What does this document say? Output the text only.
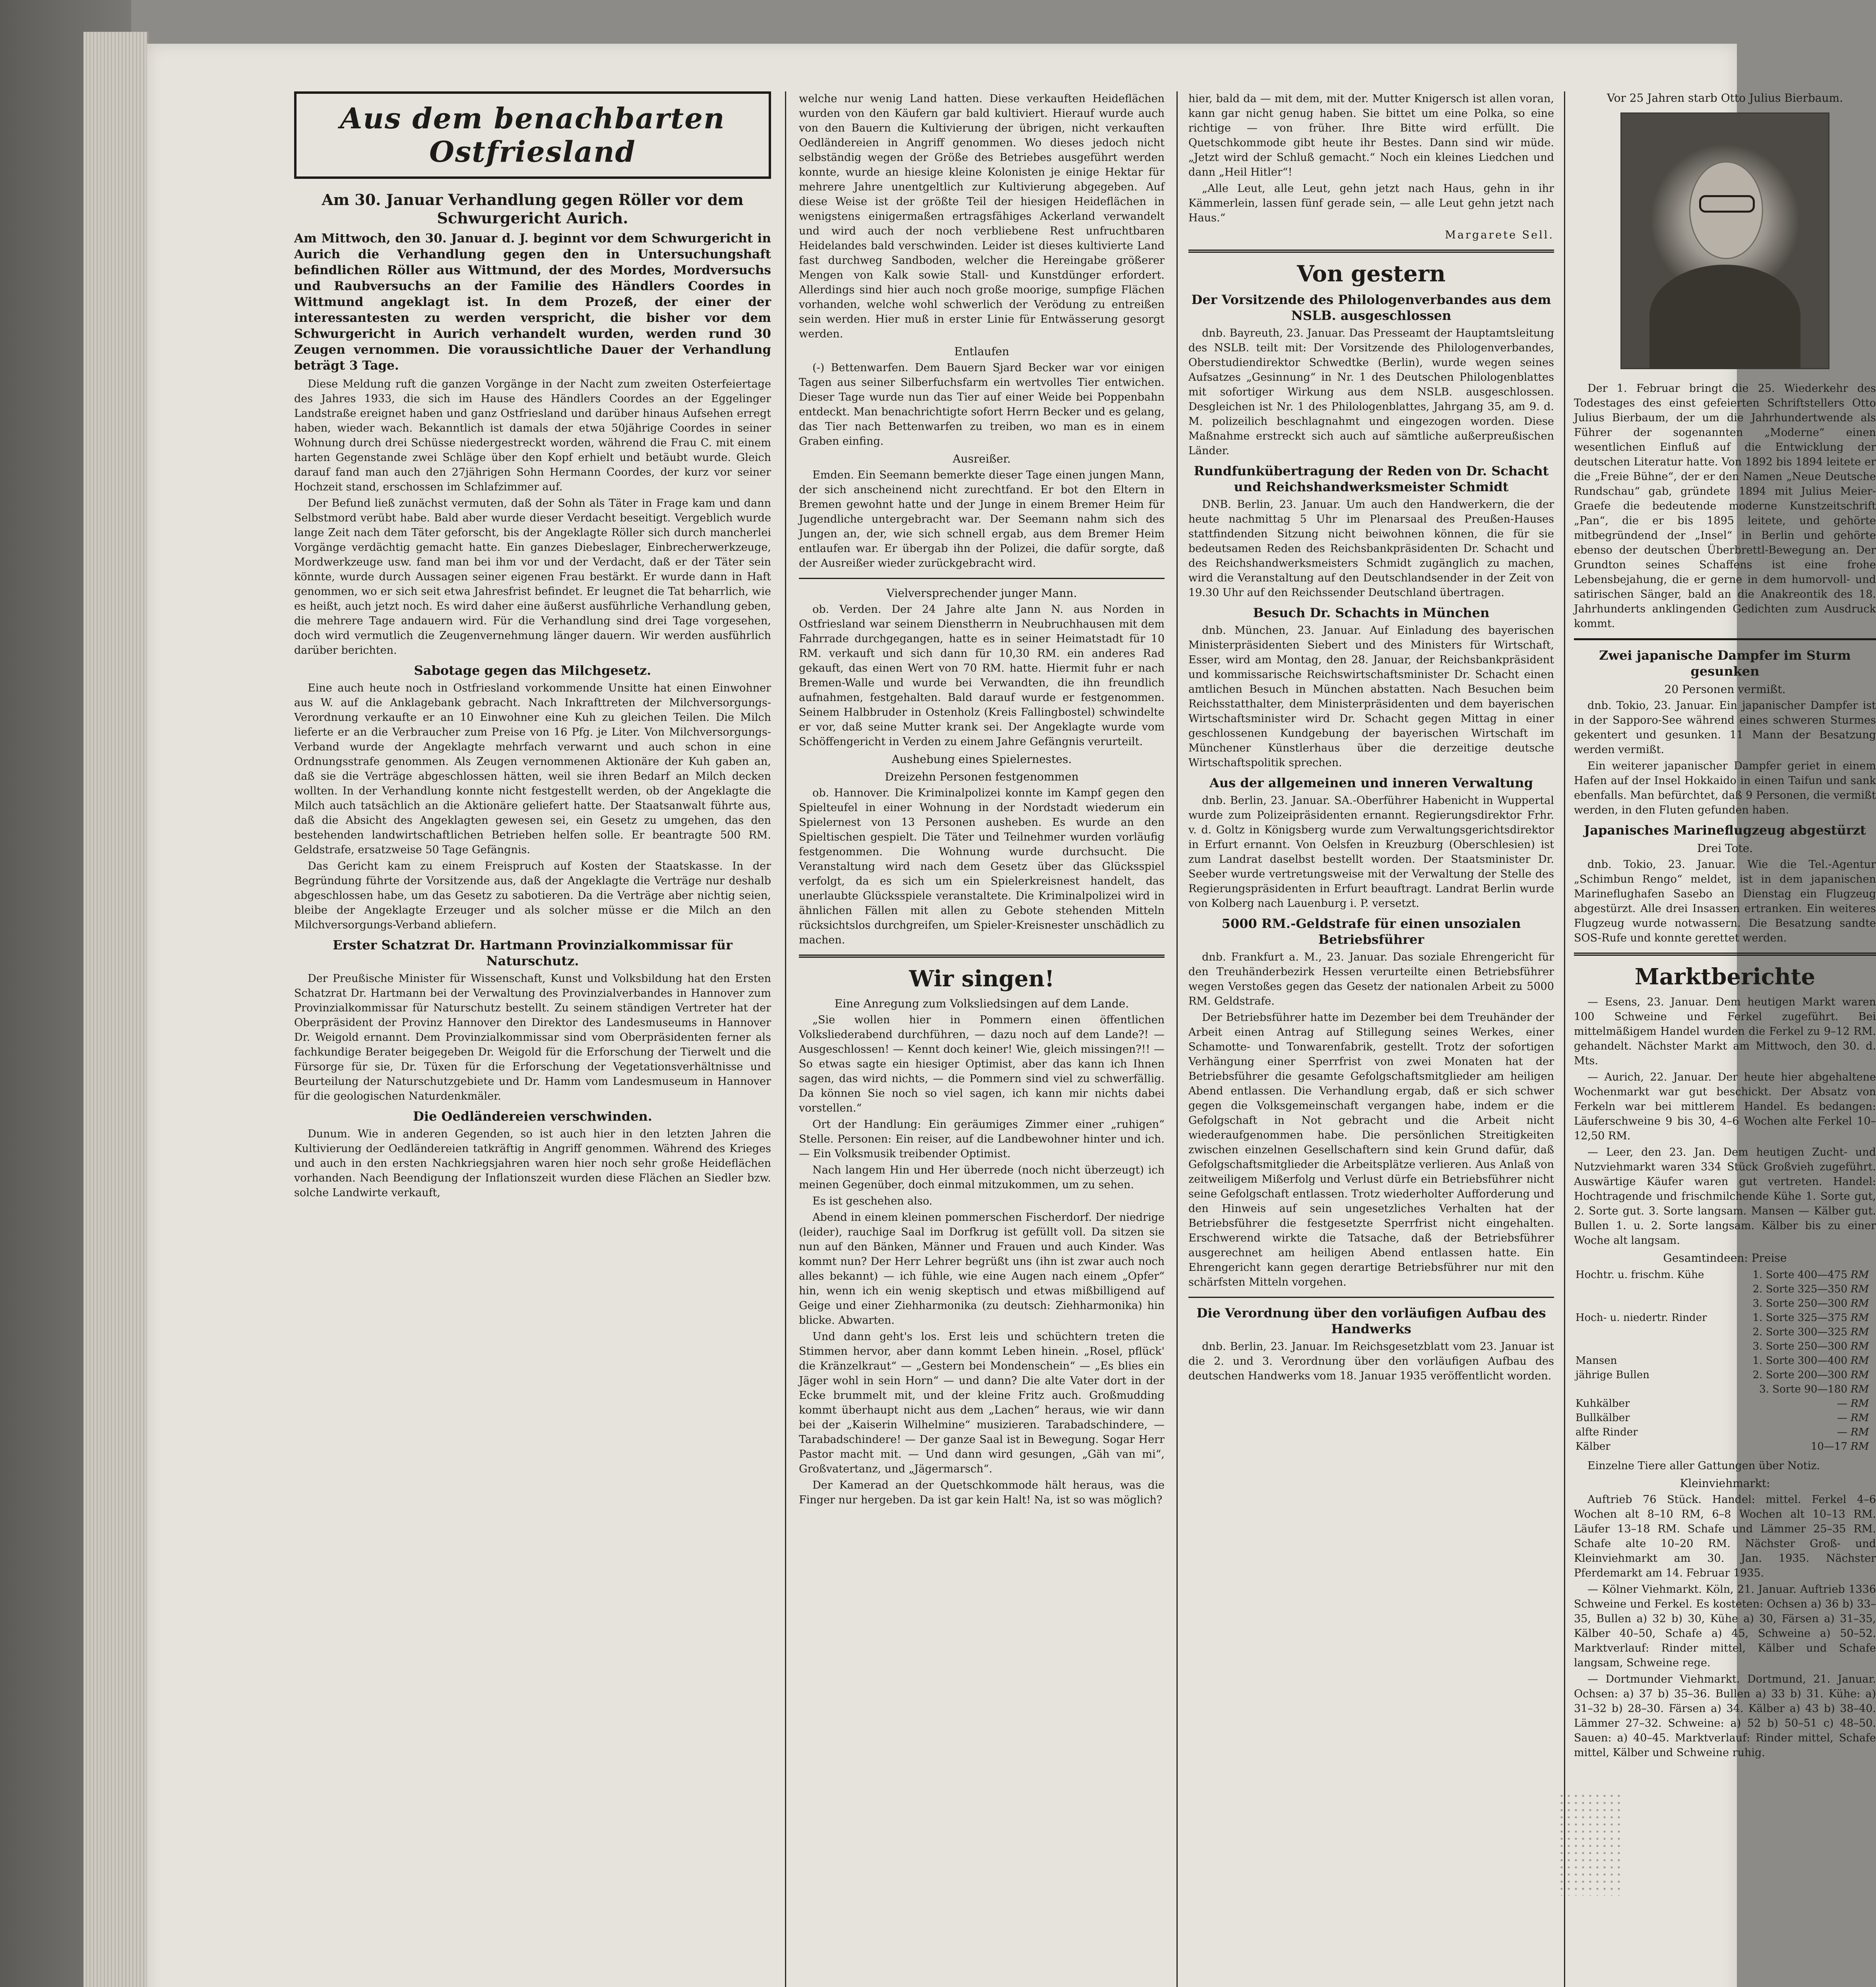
Aus dem benachbarten
Ostfriesland
Am 30. Januar Verhandlung gegen Röller vor dem Schwurgericht Aurich.

Am Mittwoch, den 30. Januar d. J. beginnt vor dem Schwurgericht in Aurich die Verhandlung gegen den in Untersuchungshaft befindlichen Röller aus Wittmund, der des Mordes, Mordversuchs und Raubversuchs an der Familie des Händlers Coordes in Wittmund angeklagt ist. In dem Prozeß, der einer der interessantesten zu werden verspricht, die bisher vor dem Schwurgericht in Aurich verhandelt wurden, werden rund 30 Zeugen vernommen. Die voraussichtliche Dauer der Verhandlung beträgt 3 Tage.

Diese Meldung ruft die ganzen Vorgänge in der Nacht zum zweiten Osterfeiertage des Jahres 1933, die sich im Hause des Händlers Coordes an der Eggelinger Landstraße ereignet haben und ganz Ostfriesland und darüber hinaus Aufsehen erregt haben, wieder wach. Bekanntlich ist damals der etwa 50jährige Coordes in seiner Wohnung durch drei Schüsse niedergestreckt worden, während die Frau C. mit einem harten Gegenstande zwei Schläge über den Kopf erhielt und betäubt wurde. Gleich darauf fand man auch den 27jährigen Sohn Hermann Coordes, der kurz vor seiner Hochzeit stand, erschossen im Schlafzimmer auf.

Der Befund ließ zunächst vermuten, daß der Sohn als Täter in Frage kam und dann Selbstmord verübt habe. Bald aber wurde dieser Verdacht beseitigt. Vergeblich wurde lange Zeit nach dem Täter geforscht, bis der Angeklagte Röller sich durch mancherlei Vorgänge verdächtig gemacht hatte. Ein ganzes Diebeslager, Einbrecherwerkzeuge, Mordwerkzeuge usw. fand man bei ihm vor und der Verdacht, daß er der Täter sein könnte, wurde durch Aussagen seiner eigenen Frau bestärkt. Er wurde dann in Haft genommen, wo er sich seit etwa Jahresfrist befindet. Er leugnet die Tat beharrlich, wie es heißt, auch jetzt noch. Es wird daher eine äußerst ausführliche Verhandlung geben, die mehrere Tage andauern wird. Für die Verhandlung sind drei Tage vorgesehen, doch wird vermutlich die Zeugenvernehmung länger dauern. Wir werden ausführlich darüber berichten.

Sabotage gegen das Milchgesetz.

Eine auch heute noch in Ostfriesland vorkommende Unsitte hat einen Einwohner aus W. auf die Anklagebank gebracht. Nach Inkrafttreten der Milchversorgungs-Verordnung verkaufte er an 10 Einwohner eine Kuh zu gleichen Teilen. Die Milch lieferte er an die Verbraucher zum Preise von 16 Pfg. je Liter. Von Milchversorgungs-Verband wurde der Angeklagte mehrfach verwarnt und auch schon in eine Ordnungsstrafe genommen. Als Zeugen vernommenen Aktionäre der Kuh gaben an, daß sie die Verträge abgeschlossen hätten, weil sie ihren Bedarf an Milch decken wollten. In der Verhandlung konnte nicht festgestellt werden, ob der Angeklagte die Milch auch tatsächlich an die Aktionäre geliefert hatte. Der Staatsanwalt führte aus, daß die Absicht des Angeklagten gewesen sei, ein Gesetz zu umgehen, das den bestehenden landwirtschaftlichen Betrieben helfen solle. Er beantragte 500 RM. Geldstrafe, ersatzweise 50 Tage Gefängnis.

Das Gericht kam zu einem Freispruch auf Kosten der Staatskasse. In der Begründung führte der Vorsitzende aus, daß der Angeklagte die Verträge nur deshalb abgeschlossen habe, um das Gesetz zu sabotieren. Da die Verträge aber nichtig seien, bleibe der Angeklagte Erzeuger und als solcher müsse er die Milch an den Milchversorgungs-Verband abliefern.

Erster Schatzrat Dr. Hartmann Provinzialkommissar für Naturschutz.

Der Preußische Minister für Wissenschaft, Kunst und Volksbildung hat den Ersten Schatzrat Dr. Hartmann bei der Verwaltung des Provinzialverbandes in Hannover zum Provinzialkommissar für Naturschutz bestellt. Zu seinem ständigen Vertreter hat der Oberpräsident der Provinz Hannover den Direktor des Landesmuseums in Hannover Dr. Weigold ernannt. Dem Provinzialkommissar sind vom Oberpräsidenten ferner als fachkundige Berater beigegeben Dr. Weigold für die Erforschung der Tierwelt und die Fürsorge für sie, Dr. Tüxen für die Erforschung der Vegetationsverhältnisse und Beurteilung der Naturschutzgebiete und Dr. Hamm vom Landesmuseum in Hannover für die geologischen Naturdenkmäler.

Die Oedländereien verschwinden.

Dunum. Wie in anderen Gegenden, so ist auch hier in den letzten Jahren die Kultivierung der Oedländereien tatkräftig in Angriff genommen. Während des Krieges und auch in den ersten Nachkriegsjahren waren hier noch sehr große Heideflächen vorhanden. Nach Beendigung der Inflationszeit wurden diese Flächen an Siedler bzw. solche Landwirte verkauft,

welche nur wenig Land hatten. Diese verkauften Heideflächen wurden von den Käufern gar bald kultiviert. Hierauf wurde auch von den Bauern die Kultivierung der übrigen, nicht verkauften Oedländereien in Angriff genommen. Wo dieses jedoch nicht selbständig wegen der Größe des Betriebes ausgeführt werden konnte, wurde an hiesige kleine Kolonisten je einige Hektar für mehrere Jahre unentgeltlich zur Kultivierung abgegeben. Auf diese Weise ist der größte Teil der hiesigen Heideflächen in wenigstens einigermaßen ertragsfähiges Ackerland verwandelt und wird auch der noch verbliebene Rest unfruchtbaren Heidelandes bald verschwinden. Leider ist dieses kultivierte Land fast durchweg Sandboden, welcher die Hereingabe größerer Mengen von Kalk sowie Stall- und Kunstdünger erfordert. Allerdings sind hier auch noch große moorige, sumpfige Flächen vorhanden, welche wohl schwerlich der Verödung zu entreißen sein werden. Hier muß in erster Linie für Entwässerung gesorgt werden.

Entlaufen

(-) Bettenwarfen. Dem Bauern Sjard Becker war vor einigen Tagen aus seiner Silberfuchsfarm ein wertvolles Tier entwichen. Dieser Tage wurde nun das Tier auf einer Weide bei Poppenbahn entdeckt. Man benachrichtigte sofort Herrn Becker und es gelang, das Tier nach Bettenwarfen zu treiben, wo man es in einem Graben einfing.

Ausreißer.

Emden. Ein Seemann bemerkte dieser Tage einen jungen Mann, der sich anscheinend nicht zurechtfand. Er bot den Eltern in Bremen gewohnt hatte und der Junge in einem Bremer Heim für Jugendliche untergebracht war. Der Seemann nahm sich des Jungen an, der, wie sich schnell ergab, aus dem Bremer Heim entlaufen war. Er übergab ihn der Polizei, die dafür sorgte, daß der Ausreißer wieder zurückgebracht wird.

Vielversprechender junger Mann.

ob. Verden. Der 24 Jahre alte Jann N. aus Norden in Ostfriesland war seinem Dienstherrn in Neubruchhausen mit dem Fahrrade durchgegangen, hatte es in seiner Heimatstadt für 10 RM. verkauft und sich dann für 10,30 RM. ein anderes Rad gekauft, das einen Wert von 70 RM. hatte. Hiermit fuhr er nach Bremen-Walle und wurde bei Verwandten, die ihn freundlich aufnahmen, festgehalten. Bald darauf wurde er festgenommen. Seinem Halbbruder in Ostenholz (Kreis Fallingbostel) schwindelte er vor, daß seine Mutter krank sei. Der Angeklagte wurde vom Schöffengericht in Verden zu einem Jahre Gefängnis verurteilt.

Aushebung eines Spielernestes.
Dreizehn Personen festgenommen

ob. Hannover. Die Kriminalpolizei konnte im Kampf gegen den Spielteufel in einer Wohnung in der Nordstadt wiederum ein Spielernest von 13 Personen ausheben. Es wurde an den Spieltischen gespielt. Die Täter und Teilnehmer wurden vorläufig festgenommen. Die Wohnung wurde durchsucht. Die Veranstaltung wird nach dem Gesetz über das Glücksspiel verfolgt, da es sich um ein Spielerkreisnest handelt, das unerlaubte Glücksspiele veranstaltete. Die Kriminalpolizei wird in ähnlichen Fällen mit allen zu Gebote stehenden Mitteln rücksichtslos durchgreifen, um Spieler-Kreisnester unschädlich zu machen.

Wir singen!
Eine Anregung zum Volksliedsingen auf dem Lande.

„Sie wollen hier in Pommern einen öffentlichen Volksliederabend durchführen, — dazu noch auf dem Lande?! — Ausgeschlossen! — Kennt doch keiner! Wie, gleich missingen?!! — So etwas sagte ein hiesiger Optimist, aber das kann ich Ihnen sagen, das wird nichts, — die Pommern sind viel zu schwerfällig. Da können Sie noch so viel sagen, ich kann mir nichts dabei vorstellen.“

Ort der Handlung: Ein geräumiges Zimmer einer „ruhigen“ Stelle. Personen: Ein reiser, auf die Landbewohner hinter und ich. — Ein Volksmusik treibender Optimist.

Nach langem Hin und Her überrede (noch nicht überzeugt) ich meinen Gegenüber, doch einmal mitzukommen, um zu sehen.

Es ist geschehen also.

Abend in einem kleinen pommerschen Fischerdorf. Der niedrige (leider), rauchige Saal im Dorfkrug ist gefüllt voll. Da sitzen sie nun auf den Bänken, Männer und Frauen und auch Kinder. Was kommt nun? Der Herr Lehrer begrüßt uns (ihn ist zwar auch noch alles bekannt) — ich fühle, wie eine Augen nach einem „Opfer“ hin, wenn ich ein wenig skeptisch und etwas mißbilligend auf Geige und einer Ziehharmonika (zu deutsch: Ziehharmonika) hin blicke. Abwarten.

Und dann geht's los. Erst leis und schüchtern treten die Stimmen hervor, aber dann kommt Leben hinein. „Rosel, pflück' die Kränzelkraut“ — „Gestern bei Mondenschein“ — „Es blies ein Jäger wohl in sein Horn“ — und dann? Die alte Vater dort in der Ecke brummelt mit, und der kleine Fritz auch. Großmudding kommt überhaupt nicht aus dem „Lachen“ heraus, wie wir dann bei der „Kaiserin Wilhelmine“ musizieren. Tarabadschindere, — Tarabadschindere! — Der ganze Saal ist in Bewegung. Sogar Herr Pastor macht mit. — Und dann wird gesungen, „Gäh van mi“, Großvatertanz, und „Jägermarsch“.

Der Kamerad an der Quetschkommode hält heraus, was die Finger nur hergeben. Da ist gar kein Halt! Na, ist so was möglich?

hier, bald da — mit dem, mit der. Mutter Knigersch ist allen voran, kann gar nicht genug haben. Sie bittet um eine Polka, so eine richtige — von früher. Ihre Bitte wird erfüllt. Die Quetschkommode gibt heute ihr Bestes. Dann sind wir müde. „Jetzt wird der Schluß gemacht.“ Noch ein kleines Liedchen und dann „Heil Hitler“!

„Alle Leut, alle Leut, gehn jetzt nach Haus, gehn in ihr Kämmerlein, lassen fünf gerade sein, — alle Leut gehn jetzt nach Haus.“

Margarete Sell.
Von gestern
Der Vorsitzende des Philologenverbandes aus dem NSLB. ausgeschlossen

dnb. Bayreuth, 23. Januar. Das Presseamt der Hauptamtsleitung des NSLB. teilt mit: Der Vorsitzende des Philologenverbandes, Oberstudiendirektor Schwedtke (Berlin), wurde wegen seines Aufsatzes „Gesinnung“ in Nr. 1 des Deutschen Philologenblattes mit sofortiger Wirkung aus dem NSLB. ausgeschlossen. Desgleichen ist Nr. 1 des Philologenblattes, Jahrgang 35, am 9. d. M. polizeilich beschlagnahmt und eingezogen worden. Diese Maßnahme erstreckt sich auch auf sämtliche außerpreußischen Länder.

Rundfunkübertragung der Reden von Dr. Schacht und Reichshandwerksmeister Schmidt

DNB. Berlin, 23. Januar. Um auch den Handwerkern, die der heute nachmittag 5 Uhr im Plenarsaal des Preußen-Hauses stattfindenden Sitzung nicht beiwohnen können, die für sie bedeutsamen Reden des Reichsbankpräsidenten Dr. Schacht und des Reichshandwerksmeisters Schmidt zugänglich zu machen, wird die Veranstaltung auf den Deutschlandsender in der Zeit von 19.30 Uhr auf den Reichssender Deutschland übertragen.

Besuch Dr. Schachts in München

dnb. München, 23. Januar. Auf Einladung des bayerischen Ministerpräsidenten Siebert und des Ministers für Wirtschaft, Esser, wird am Montag, den 28. Januar, der Reichsbankpräsident und kommissarische Reichswirtschaftsminister Dr. Schacht einen amtlichen Besuch in München abstatten. Nach Besuchen beim Reichsstatthalter, dem Ministerpräsidenten und dem bayerischen Wirtschaftsminister wird Dr. Schacht gegen Mittag in einer geschlossenen Kundgebung der bayerischen Wirtschaft im Münchener Künstlerhaus über die derzeitige deutsche Wirtschaftspolitik sprechen.

Aus der allgemeinen und inneren Verwaltung

dnb. Berlin, 23. Januar. SA.-Oberführer Habenicht in Wuppertal wurde zum Polizeipräsidenten ernannt. Regierungsdirektor Frhr. v. d. Goltz in Königsberg wurde zum Verwaltungsgerichtsdirektor in Erfurt ernannt. Von Oelsfen in Kreuzburg (Oberschlesien) ist zum Landrat daselbst bestellt worden. Der Staatsminister Dr. Seeber wurde vertretungsweise mit der Verwaltung der Stelle des Regierungspräsidenten in Erfurt beauftragt. Landrat Berlin wurde von Kolberg nach Lauenburg i. P. versetzt.

5000 RM.-Geldstrafe für einen unsozialen Betriebsführer

dnb. Frankfurt a. M., 23. Januar. Das soziale Ehrengericht für den Treuhänderbezirk Hessen verurteilte einen Betriebsführer wegen Verstoßes gegen das Gesetz der nationalen Arbeit zu 5000 RM. Geldstrafe.

Der Betriebsführer hatte im Dezember bei dem Treuhänder der Arbeit einen Antrag auf Stillegung seines Werkes, einer Schamotte- und Tonwarenfabrik, gestellt. Trotz der sofortigen Verhängung einer Sperrfrist von zwei Monaten hat der Betriebsführer die gesamte Gefolgschaftsmitglieder am heiligen Abend entlassen. Die Verhandlung ergab, daß er sich schwer gegen die Volksgemeinschaft vergangen habe, indem er die Gefolgschaft in Not gebracht und die Arbeit nicht wiederaufgenommen habe. Die persönlichen Streitigkeiten zwischen einzelnen Gesellschaftern sind kein Grund dafür, daß Gefolgschaftsmitglieder die Arbeitsplätze verlieren. Aus Anlaß von zeitweiligem Mißerfolg und Verlust dürfe ein Betriebsführer nicht seine Gefolgschaft entlassen. Trotz wiederholter Aufforderung und den Hinweis auf sein ungesetzliches Verhalten hat der Betriebsführer die festgesetzte Sperrfrist nicht eingehalten. Erschwerend wirkte die Tatsache, daß der Betriebsführer ausgerechnet am heiligen Abend entlassen hatte. Ein Ehrengericht kann gegen derartige Betriebsführer nur mit den schärfsten Mitteln vorgehen.

Die Verordnung über den vorläufigen Aufbau des Handwerks

dnb. Berlin, 23. Januar. Im Reichsgesetzblatt vom 23. Januar ist die 2. und 3. Verordnung über den vorläufigen Aufbau des deutschen Handwerks vom 18. Januar 1935 veröffentlicht worden.

Vor 25 Jahren starb Otto Julius Bierbaum.

Der 1. Februar bringt die 25. Wiederkehr des Todestages des einst gefeierten Schriftstellers Otto Julius Bierbaum, der um die Jahrhundertwende als Führer der sogenannten „Moderne“ einen wesentlichen Einfluß auf die Entwicklung der deutschen Literatur hatte. Von 1892 bis 1894 leitete er die „Freie Bühne“, der er den Namen „Neue Deutsche Rundschau“ gab, gründete 1894 mit Julius Meier-Graefe die bedeutende moderne Kunstzeitschrift „Pan“, die er bis 1895 leitete, und gehörte mitbegründend der „Insel“ in Berlin und gehörte ebenso der deutschen Überbrettl-Bewegung an. Der Grundton seines Schaffens ist eine frohe Lebensbejahung, die er gerne in dem humorvoll- und satirischen Sänger, bald an die Anakreontik des 18. Jahrhunderts anklingenden Gedichten zum Ausdruck kommt.

Zwei japanische Dampfer im Sturm gesunken
20 Personen vermißt.

dnb. Tokio, 23. Januar. Ein japanischer Dampfer ist in der Sapporo-See während eines schweren Sturmes gekentert und gesunken. 11 Mann der Besatzung werden vermißt.

Ein weiterer japanischer Dampfer geriet in einem Hafen auf der Insel Hokkaido in einen Taifun und sank ebenfalls. Man befürchtet, daß 9 Personen, die vermißt werden, in den Fluten gefunden haben.

Japanisches Marineflugzeug abgestürzt
Drei Tote.

dnb. Tokio, 23. Januar. Wie die Tel.-Agentur „Schimbun Rengo“ meldet, ist in dem japanischen Marineflughafen Sasebo an Dienstag ein Flugzeug abgestürzt. Alle drei Insassen ertranken. Ein weiteres Flugzeug wurde notwassern. Die Besatzung sandte SOS-Rufe und konnte gerettet werden.

Marktberichte

— Esens, 23. Januar. Dem heutigen Markt waren 100 Schweine und Ferkel zugeführt. Bei mittelmäßigem Handel wurden die Ferkel zu 9–12 RM. gehandelt. Nächster Markt am Mittwoch, den 30. d. Mts.

— Aurich, 22. Januar. Der heute hier abgehaltene Wochenmarkt war gut beschickt. Der Absatz von Ferkeln war bei mittlerem Handel. Es bedangen: Läuferschweine 9 bis 30, 4–6 Wochen alte Ferkel 10–12,50 RM.

— Leer, den 23. Jan. Dem heutigen Zucht- und Nutzviehmarkt waren 334 Stück Großvieh zugeführt. Auswärtige Käufer waren gut vertreten. Handel: Hochtragende und frischmilchende Kühe 1. Sorte gut, 2. Sorte gut. 3. Sorte langsam. Mansen — Kälber gut. Bullen 1. u. 2. Sorte langsam. Kälber bis zu einer Woche alt langsam.

Gesamtindeen: Preise
Hochtr. u. frischm. Kühe	1. Sorte 400—475	RM
	2. Sorte 325—350	RM
	3. Sorte 250—300	RM
Hoch- u. niedertr. Rinder	1. Sorte 325—375	RM
	2. Sorte 300—325	RM
	3. Sorte 250—300	RM
Mansen	1. Sorte 300—400	RM
jährige Bullen	2. Sorte 200—300	RM
	3. Sorte 90—180	RM
Kuhkälber	—	RM
Bullkälber	—	RM
alfte Rinder	—	RM
Kälber	10—17	RM

Einzelne Tiere aller Gattungen über Notiz.

Kleinviehmarkt:

Auftrieb 76 Stück. Handel: mittel. Ferkel 4–6 Wochen alt 8–10 RM, 6–8 Wochen alt 10–13 RM. Läufer 13–18 RM. Schafe und Lämmer 25–35 RM. Schafe alte 10–20 RM. Nächster Groß- und Kleinviehmarkt am 30. Jan. 1935. Nächster Pferdemarkt am 14. Februar 1935.

— Kölner Viehmarkt. Köln, 21. Januar. Auftrieb 1336 Schweine und Ferkel. Es kosteten: Ochsen a) 36 b) 33–35, Bullen a) 32 b) 30, Kühe a) 30, Färsen a) 31–35, Kälber 40–50, Schafe a) 45, Schweine a) 50–52. Marktverlauf: Rinder mittel, Kälber und Schafe langsam, Schweine rege.

— Dortmunder Viehmarkt. Dortmund, 21. Januar. Ochsen: a) 37 b) 35–36. Bullen a) 33 b) 31. Kühe: a) 31–32 b) 28–30. Färsen a) 34. Kälber a) 43 b) 38–40. Lämmer 27–32. Schweine: a) 52 b) 50–51 c) 48–50. Sauen: a) 40–45. Marktverlauf: Rinder mittel, Schafe mittel, Kälber und Schweine ruhig.
